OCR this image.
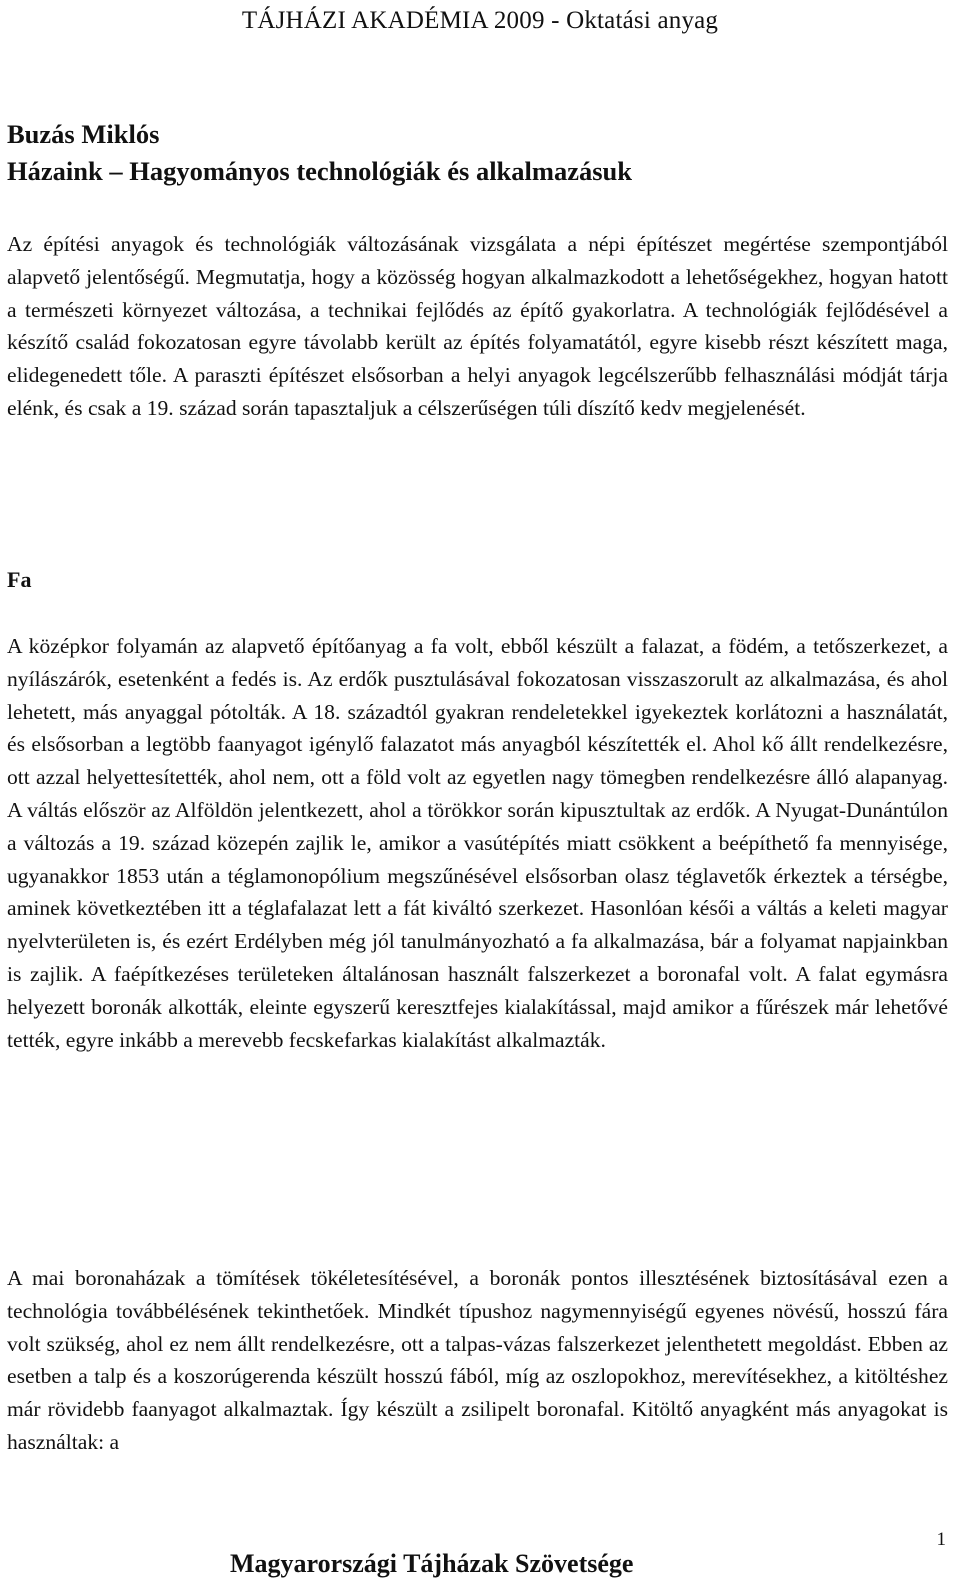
TÁJHÁZI AKADÉMIA 2009 - Oktatási anyag
Buzás Miklós
Házaink – Hagyományos technológiák és alkalmazásuk

Az építési anyagok és technológiák változásának vizsgálata a népi építészet megértése szempontjából alapvető jelentőségű. Megmutatja, hogy a közösség hogyan alkalmazkodott a lehetőségekhez, hogyan hatott a természeti környezet változása, a technikai fejlődés az építő gyakorlatra. A technológiák fejlődésével a készítő család fokozatosan egyre távolabb került az építés folyamatától, egyre kisebb részt készített maga, elidegenedett tőle. A paraszti építészet elsősorban a helyi anyagok legcélszerűbb felhasználási módját tárja elénk, és csak a 19. század során tapasztaljuk a célszerűségen túli díszítő kedv megjelenését.

Fa

A középkor folyamán az alapvető építőanyag a fa volt, ebből készült a falazat, a födém, a tetőszerkezet, a nyílászárók, esetenként a fedés is. Az erdők pusztulásával fokozatosan visszaszorult az alkalmazása, és ahol lehetett, más anyaggal pótolták. A 18. századtól gyakran rendeletekkel igyekeztek korlátozni a használatát, és elsősorban a legtöbb faanyagot igénylő falazatot más anyagból készítették el. Ahol kő állt rendelkezésre, ott azzal helyettesítették, ahol nem, ott a föld volt az egyetlen nagy tömegben rendelkezésre álló alapanyag. A váltás először az Alföldön jelentkezett, ahol a törökkor során kipusztultak az erdők. A Nyugat-Dunántúlon a változás a 19. század közepén zajlik le, amikor a vasútépítés miatt csökkent a beépíthető fa mennyisége, ugyanakkor 1853 után a téglamonopólium megszűnésével elsősorban olasz téglavetők érkeztek a térségbe, aminek következtében itt a téglafalazat lett a fát kiváltó szerkezet. Hasonlóan késői a váltás a keleti magyar nyelvterületen is, és ezért Erdélyben még jól tanulmányozható a fa alkalmazása, bár a folyamat napjainkban is zajlik. A faépítkezéses területeken általánosan használt falszerkezet a boronafal volt. A falat egymásra helyezett boronák alkották, eleinte egyszerű keresztfejes kialakítással, majd amikor a fűrészek már lehetővé tették, egyre inkább a merevebb fecskefarkas kialakítást alkalmazták.

A mai boronaházak a tömítések tökéletesítésével, a boronák pontos illesztésének biztosításával ezen a technológia továbbélésének tekinthetőek. Mindkét típushoz nagymennyiségű egyenes növésű, hosszú fára volt szükség, ahol ez nem állt rendelkezésre, ott a talpas-vázas falszerkezet jelenthetett megoldást. Ebben az esetben a talp és a koszorúgerenda készült hosszú fából, míg az oszlopokhoz, merevítésekhez, a kitöltéshez már rövidebb faanyagot alkalmaztak. Így készült a zsilipelt boronafal. Kitöltő anyagként más anyagokat is használtak: a

Magyarországi Tájházak Szövetsége
1
